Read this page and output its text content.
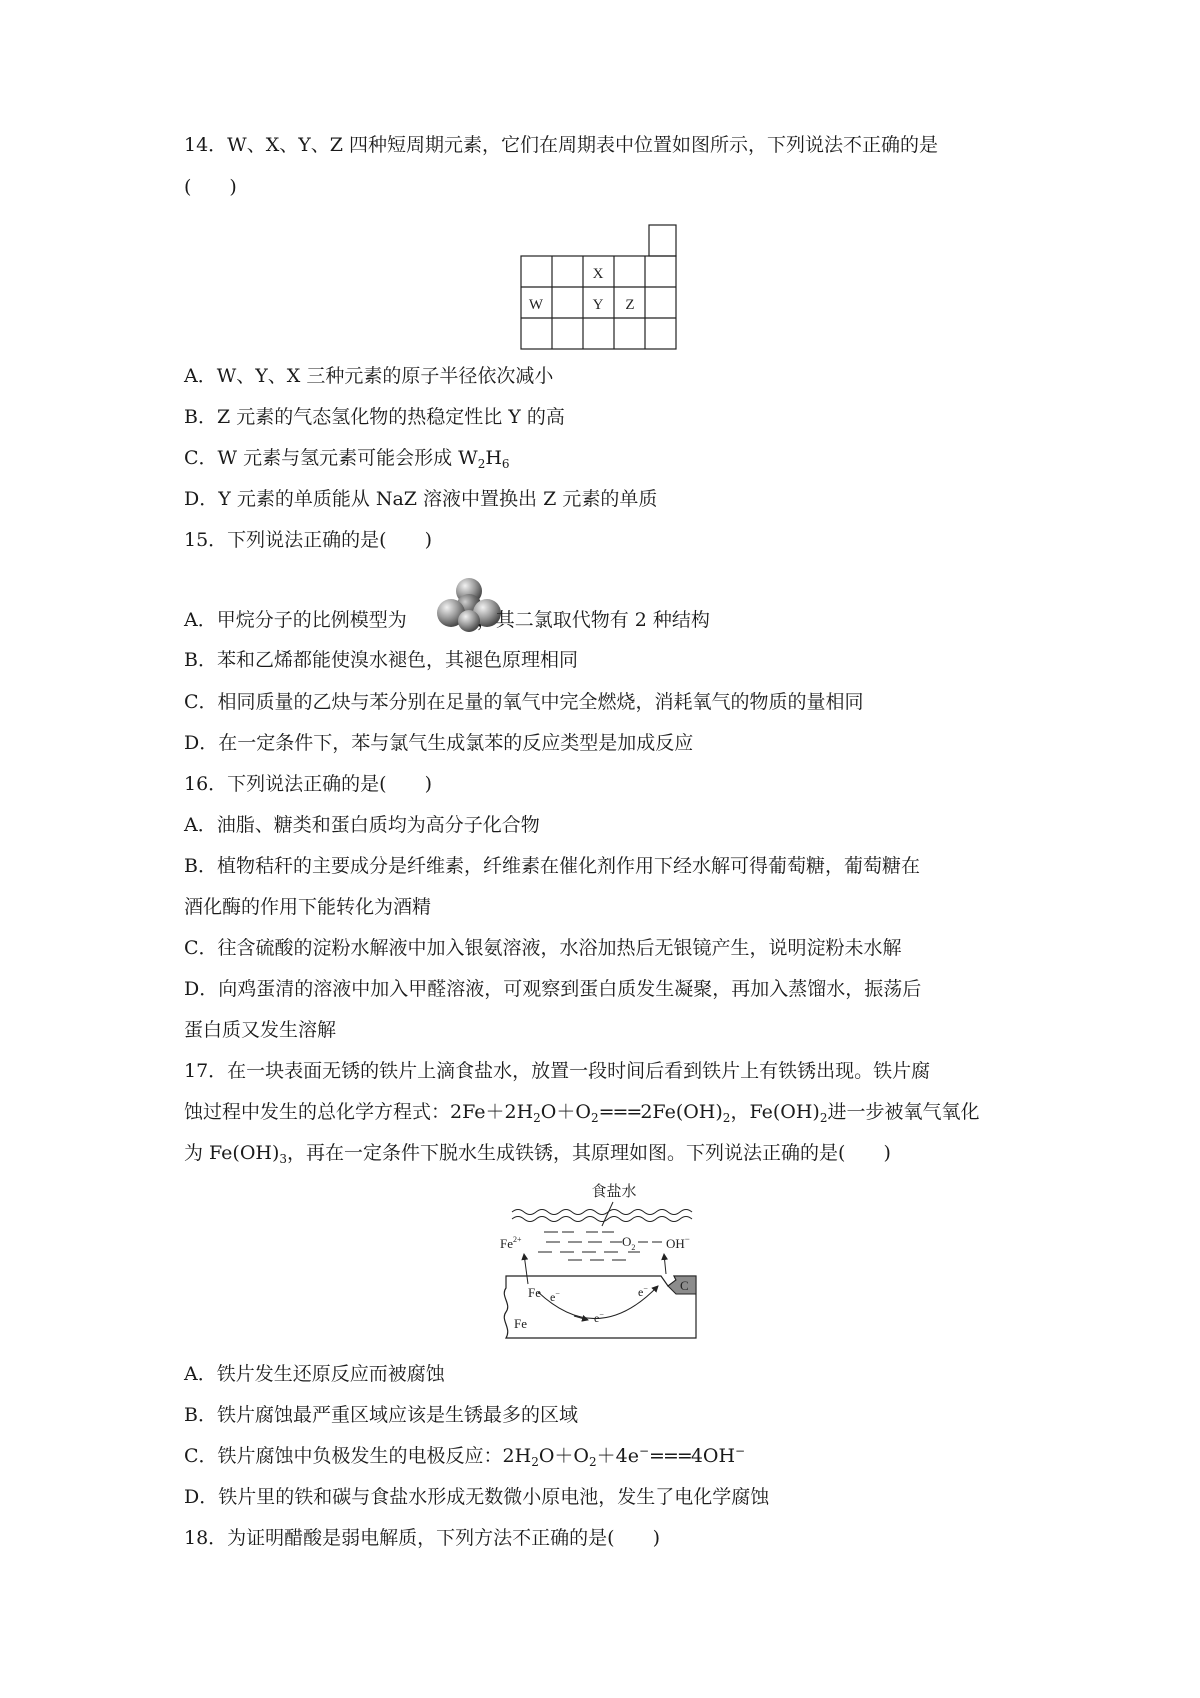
14．W、X、Y、Z 四种短周期元素，它们在周期表中位置如图所示，下列说法不正确的是

(　　)

W
X
Y Z

A．W、Y、X 三种元素的原子半径依次减小

B．Z 元素的气态氢化物的热稳定性比 Y 的高

C．W 元素与氢元素可能会形成 $W_2H_6$

D．Y 元素的单质能从 NaZ 溶液中置换出 Z 元素的单质

15．下列说法正确的是(　　)

A．甲烷分子的比例模型为	，其二氯取代物有 2 种结构

B．苯和乙烯都能使溴水褪色，其褪色原理相同

C．相同质量的乙炔与苯分别在足量的氧气中完全燃烧，消耗氧气的物质的量相同

D．在一定条件下，苯与氯气生成氯苯的反应类型是加成反应

16．下列说法正确的是(　　)

A．油脂、糖类和蛋白质均为高分子化合物

B．植物秸秆的主要成分是纤维素，纤维素在催化剂作用下经水解可得葡萄糖，葡萄糖在

酒化酶的作用下能转化为酒精

C．往含硫酸的淀粉水解液中加入银氨溶液，水浴加热后无银镜产生，说明淀粉未水解

D．向鸡蛋清的溶液中加入甲醛溶液，可观察到蛋白质发生凝聚，再加入蒸馏水，振荡后

蛋白质又发生溶解

17．在一块表面无锈的铁片上滴食盐水，放置一段时间后看到铁片上有铁锈出现。铁片腐

蚀过程中发生的总化学方程式：$2Fe+2H_2O+O_2===2Fe(OH)_2$，$Fe(OH)_2$进一步被氧气氧化

为 $Fe(OH)_3$，再在一定条件下脱水生成铁锈，其原理如图。下列说法正确的是(　　)

食盐水
$Fe^{2+}$	$O_2$ OH−
C
Fe
Fe
e−
e−
e−

A．铁片发生还原反应而被腐蚀

B．铁片腐蚀最严重区域应该是生锈最多的区域

C．铁片腐蚀中负极发生的电极反应：$2H_2O+O_2+4e^-===4OH^-$

D．铁片里的铁和碳与食盐水形成无数微小原电池，发生了电化学腐蚀

18．为证明醋酸是弱电解质，下列方法不正确的是(　　)
